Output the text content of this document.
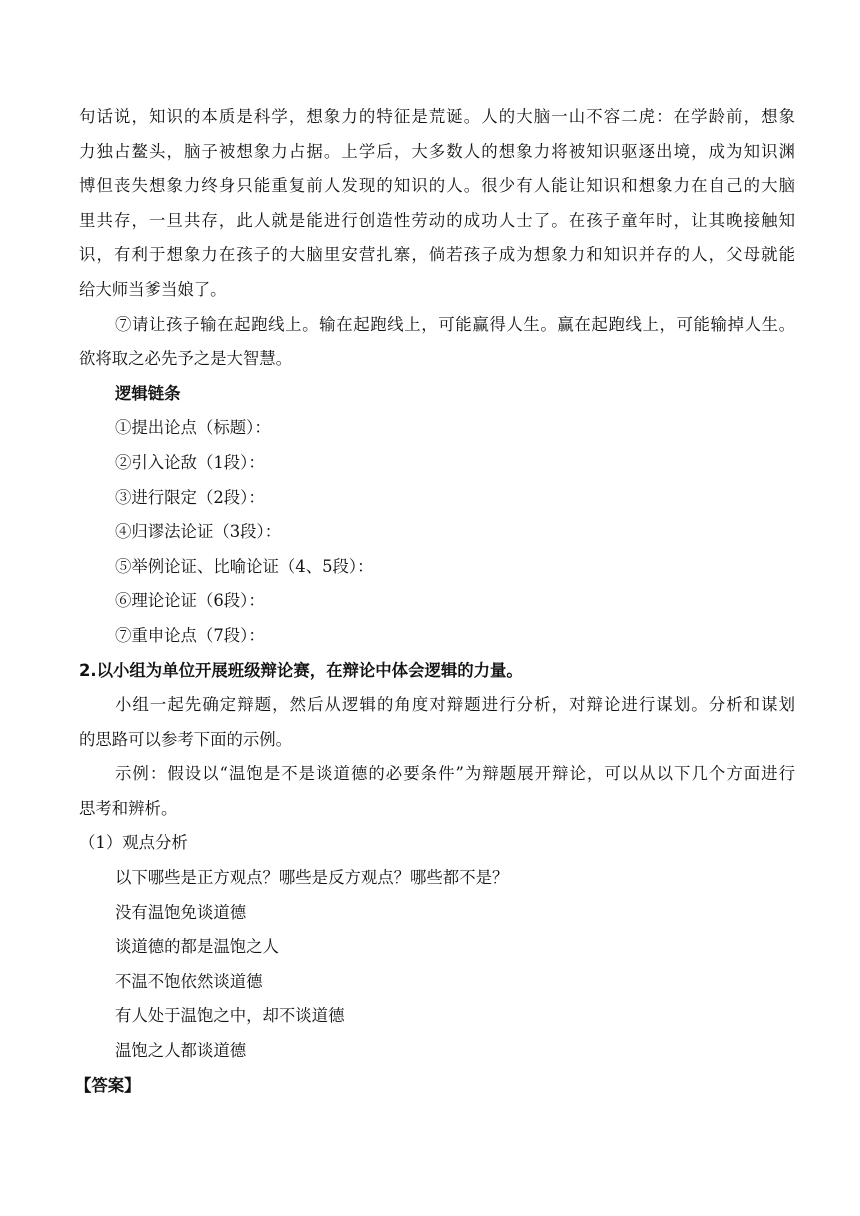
句话说，知识的本质是科学，想象力的特征是荒诞。人的大脑一山不容二虎：在学龄前，想象
力独占鳌头，脑子被想象力占据。上学后，大多数人的想象力将被知识驱逐出境，成为知识渊
博但丧失想象力终身只能重复前人发现的知识的人。很少有人能让知识和想象力在自己的大脑
里共存，一旦共存，此人就是能进行创造性劳动的成功人士了。在孩子童年时，让其晚接触知
识，有利于想象力在孩子的大脑里安营扎寨，倘若孩子成为想象力和知识并存的人，父母就能
给大师当爹当娘了。
⑦请让孩子输在起跑线上。输在起跑线上，可能赢得人生。赢在起跑线上，可能输掉人生。
欲将取之必先予之是大智慧。
逻辑链条
①提出论点（标题）：
②引入论敌（1段）：
③进行限定（2段）：
④归谬法论证（3段）：
⑤举例论证、比喻论证（4、5段）：
⑥理论论证（6段）：
⑦重申论点（7段）：
2.以小组为单位开展班级辩论赛，在辩论中体会逻辑的力量。
小组一起先确定辩题，然后从逻辑的角度对辩题进行分析，对辩论进行谋划。分析和谋划
的思路可以参考下面的示例。
示例：假设以“温饱是不是谈道德的必要条件”为辩题展开辩论，可以从以下几个方面进行
思考和辨析。
（1）观点分析
以下哪些是正方观点？哪些是反方观点？哪些都不是？
没有温饱免谈道德
谈道德的都是温饱之人
不温不饱依然谈道德
有人处于温饱之中，却不谈道德
温饱之人都谈道德
【答案】
